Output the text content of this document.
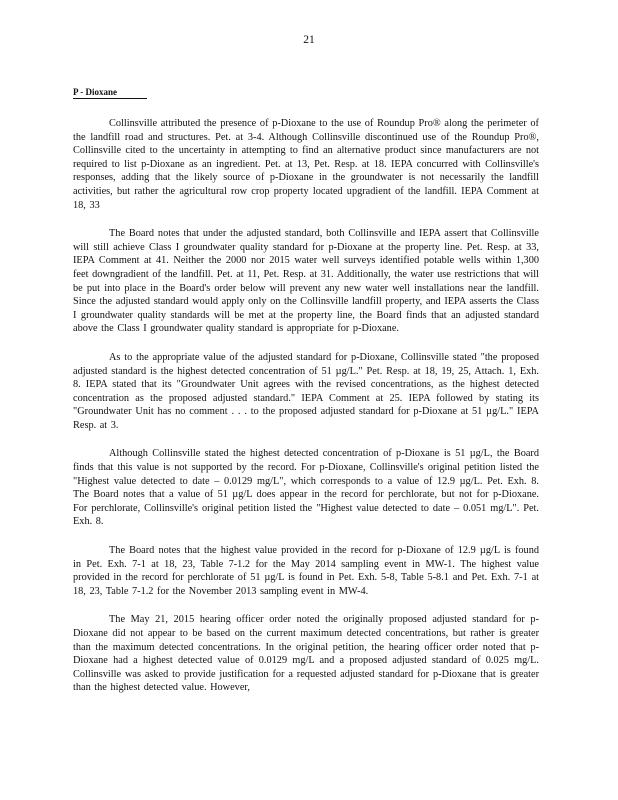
21
P - Dioxane

Collinsville attributed the presence of p-Dioxane to the use of Roundup Pro® along the perimeter of the landfill road and structures. Pet. at 3-4. Although Collinsville discontinued use of the Roundup Pro®, Collinsville cited to the uncertainty in attempting to find an alternative product since manufacturers are not required to list p-Dioxane as an ingredient. Pet. at 13, Pet. Resp. at 18. IEPA concurred with Collinsville's responses, adding that the likely source of p-Dioxane in the groundwater is not necessarily the landfill activities, but rather the agricultural row crop property located upgradient of the landfill. IEPA Comment at 18, 33

The Board notes that under the adjusted standard, both Collinsville and IEPA assert that Collinsville will still achieve Class I groundwater quality standard for p-Dioxane at the property line. Pet. Resp. at 33, IEPA Comment at 41. Neither the 2000 nor 2015 water well surveys identified potable wells within 1,300 feet downgradient of the landfill. Pet. at 11, Pet. Resp. at 31. Additionally, the water use restrictions that will be put into place in the Board's order below will prevent any new water well installations near the landfill. Since the adjusted standard would apply only on the Collinsville landfill property, and IEPA asserts the Class I groundwater quality standards will be met at the property line, the Board finds that an adjusted standard above the Class I groundwater quality standard is appropriate for p-Dioxane.

As to the appropriate value of the adjusted standard for p-Dioxane, Collinsville stated "the proposed adjusted standard is the highest detected concentration of 51 µg/L." Pet. Resp. at 18, 19, 25, Attach. 1, Exh. 8. IEPA stated that its "Groundwater Unit agrees with the revised concentrations, as the highest detected concentration as the proposed adjusted standard." IEPA Comment at 25. IEPA followed by stating its "Groundwater Unit has no comment . . . to the proposed adjusted standard for p-Dioxane at 51 µg/L." IEPA Resp. at 3.

Although Collinsville stated the highest detected concentration of p-Dioxane is 51 µg/L, the Board finds that this value is not supported by the record. For p-Dioxane, Collinsville's original petition listed the "Highest value detected to date – 0.0129 mg/L", which corresponds to a value of 12.9 µg/L. Pet. Exh. 8. The Board notes that a value of 51 µg/L does appear in the record for perchlorate, but not for p-Dioxane. For perchlorate, Collinsville's original petition listed the "Highest value detected to date – 0.051 mg/L". Pet. Exh. 8.

The Board notes that the highest value provided in the record for p-Dioxane of 12.9 µg/L is found in Pet. Exh. 7-1 at 18, 23, Table 7-1.2 for the May 2014 sampling event in MW-1. The highest value provided in the record for perchlorate of 51 µg/L is found in Pet. Exh. 5-8, Table 5-8.1 and Pet. Exh. 7-1 at 18, 23, Table 7-1.2 for the November 2013 sampling event in MW-4.

The May 21, 2015 hearing officer order noted the originally proposed adjusted standard for p-Dioxane did not appear to be based on the current maximum detected concentrations, but rather is greater than the maximum detected concentrations. In the original petition, the hearing officer order noted that p-Dioxane had a highest detected value of 0.0129 mg/L and a proposed adjusted standard of 0.025 mg/L. Collinsville was asked to provide justification for a requested adjusted standard for p-Dioxane that is greater than the highest detected value. However,
